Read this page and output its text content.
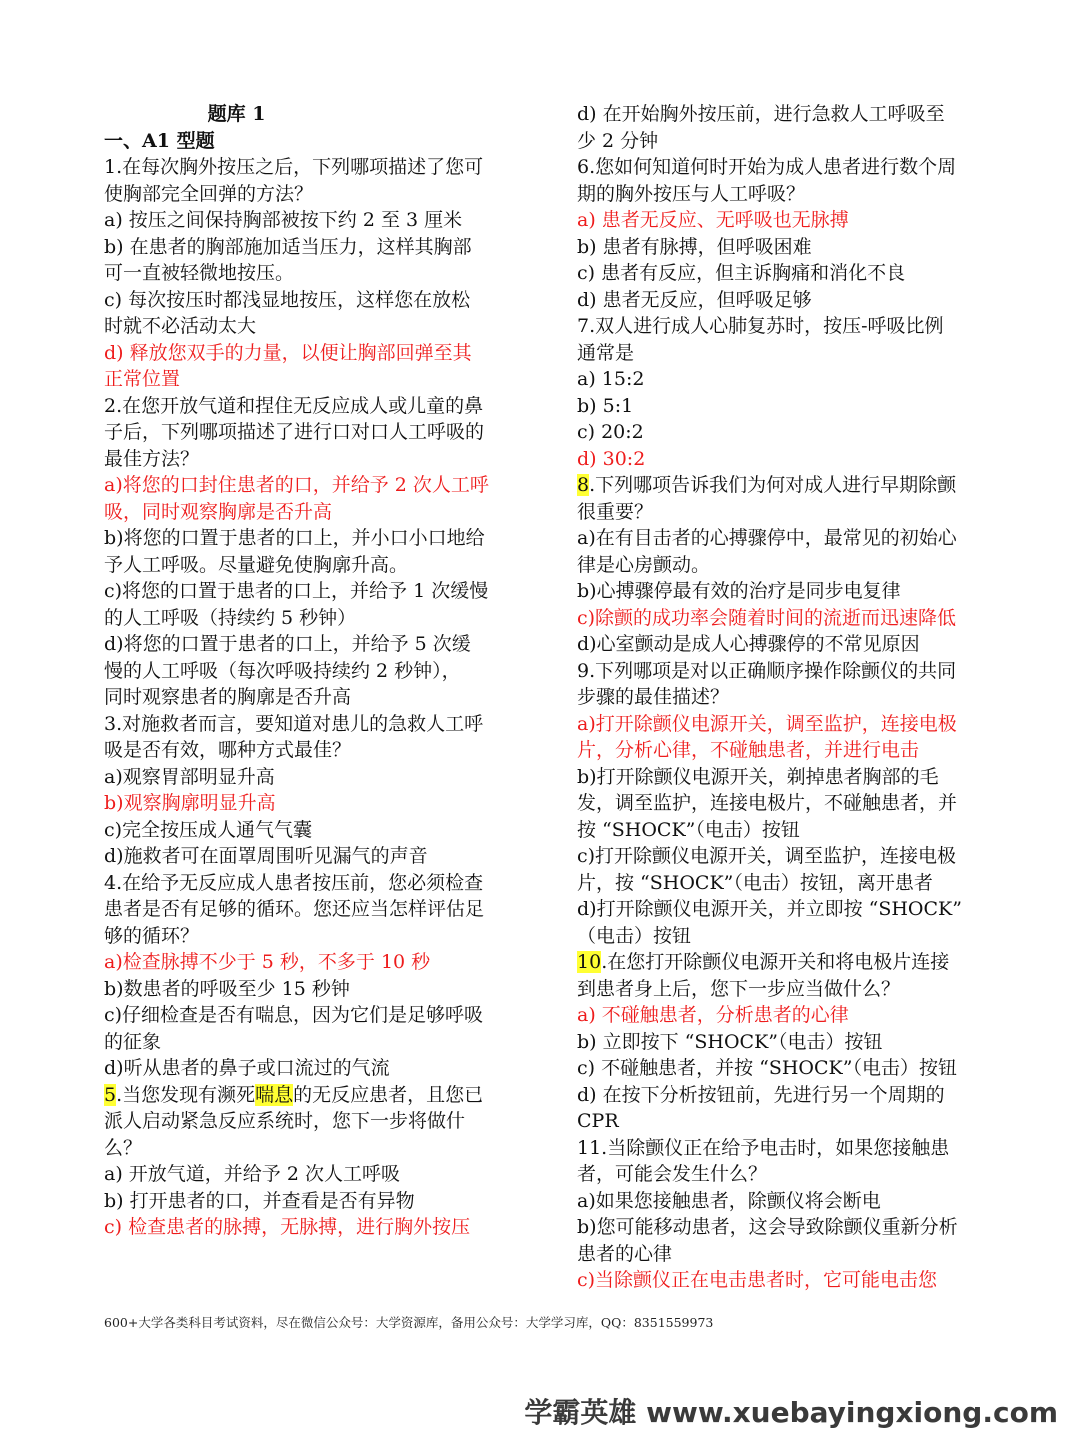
题库 1
一、A1 型题
1.在每次胸外按压之后，下列哪项描述了您可
使胸部完全回弹的方法？
a) 按压之间保持胸部被按下约 2 至 3 厘米
b) 在患者的胸部施加适当压力，这样其胸部
可一直被轻微地按压。
c) 每次按压时都浅显地按压，这样您在放松
时就不必活动太大
d) 释放您双手的力量，以便让胸部回弹至其
正常位置
2.在您开放气道和捏住无反应成人或儿童的鼻
子后，下列哪项描述了进行口对口人工呼吸的
最佳方法？
a)将您的口封住患者的口，并给予 2 次人工呼
吸，同时观察胸廓是否升高
b)将您的口置于患者的口上，并小口小口地给
予人工呼吸。尽量避免使胸廓升高。
c)将您的口置于患者的口上，并给予 1 次缓慢
的人工呼吸（持续约 5 秒钟）
d)将您的口置于患者的口上，并给予 5 次缓
慢的人工呼吸（每次呼吸持续约 2 秒钟），
同时观察患者的胸廓是否升高
3.对施救者而言，要知道对患儿的急救人工呼
吸是否有效，哪种方式最佳？
a)观察胃部明显升高
b)观察胸廓明显升高
c)完全按压成人通气气囊
d)施救者可在面罩周围听见漏气的声音
4.在给予无反应成人患者按压前，您必须检查
患者是否有足够的循环。您还应当怎样评估足
够的循环？
a)检查脉搏不少于 5 秒，不多于 10 秒
b)数患者的呼吸至少 15 秒钟
c)仔细检查是否有喘息，因为它们是足够呼吸
的征象
d)听从患者的鼻子或口流过的气流
5.当您发现有濒死喘息的无反应患者，且您已
派人启动紧急反应系统时，您下一步将做什
么？
a) 开放气道，并给予 2 次人工呼吸
b) 打开患者的口，并查看是否有异物
c) 检查患者的脉搏，无脉搏，进行胸外按压
d) 在开始胸外按压前，进行急救人工呼吸至
少 2 分钟
6.您如何知道何时开始为成人患者进行数个周
期的胸外按压与人工呼吸？
a) 患者无反应、无呼吸也无脉搏
b) 患者有脉搏，但呼吸困难
c) 患者有反应，但主诉胸痛和消化不良
d) 患者无反应，但呼吸足够
7.双人进行成人心肺复苏时，按压-呼吸比例
通常是
a) 15:2
b) 5:1
c) 20:2
d) 30:2
8.下列哪项告诉我们为何对成人进行早期除颤
很重要？
a)在有目击者的心搏骤停中，最常见的初始心
律是心房颤动。
b)心搏骤停最有效的治疗是同步电复律
c)除颤的成功率会随着时间的流逝而迅速降低
d)心室颤动是成人心搏骤停的不常见原因
9.下列哪项是对以正确顺序操作除颤仪的共同
步骤的最佳描述？
a)打开除颤仪电源开关，调至监护，连接电极
片，分析心律，不碰触患者，并进行电击
b)打开除颤仪电源开关，剃掉患者胸部的毛
发，调至监护，连接电极片，不碰触患者，并
按 “SHOCK”（电击）按钮
c)打开除颤仪电源开关，调至监护，连接电极
片，按 “SHOCK”（电击）按钮，离开患者
d)打开除颤仪电源开关，并立即按 “SHOCK”
（电击）按钮
10.在您打开除颤仪电源开关和将电极片连接
到患者身上后，您下一步应当做什么？
a) 不碰触患者，分析患者的心律
b) 立即按下 “SHOCK”（电击）按钮
c) 不碰触患者，并按 “SHOCK”（电击）按钮
d) 在按下分析按钮前，先进行另一个周期的
CPR
11.当除颤仪正在给予电击时，如果您接触患
者，可能会发生什么？
a)如果您接触患者，除颤仪将会断电
b)您可能移动患者，这会导致除颤仪重新分析
患者的心律
c)当除颤仪正在电击患者时，它可能电击您
600+大学各类科目考试资料，尽在微信公众号：大学资源库，备用公众号：大学学习库，QQ：8351559973
学霸英雄 www.xuebayingxiong.com
